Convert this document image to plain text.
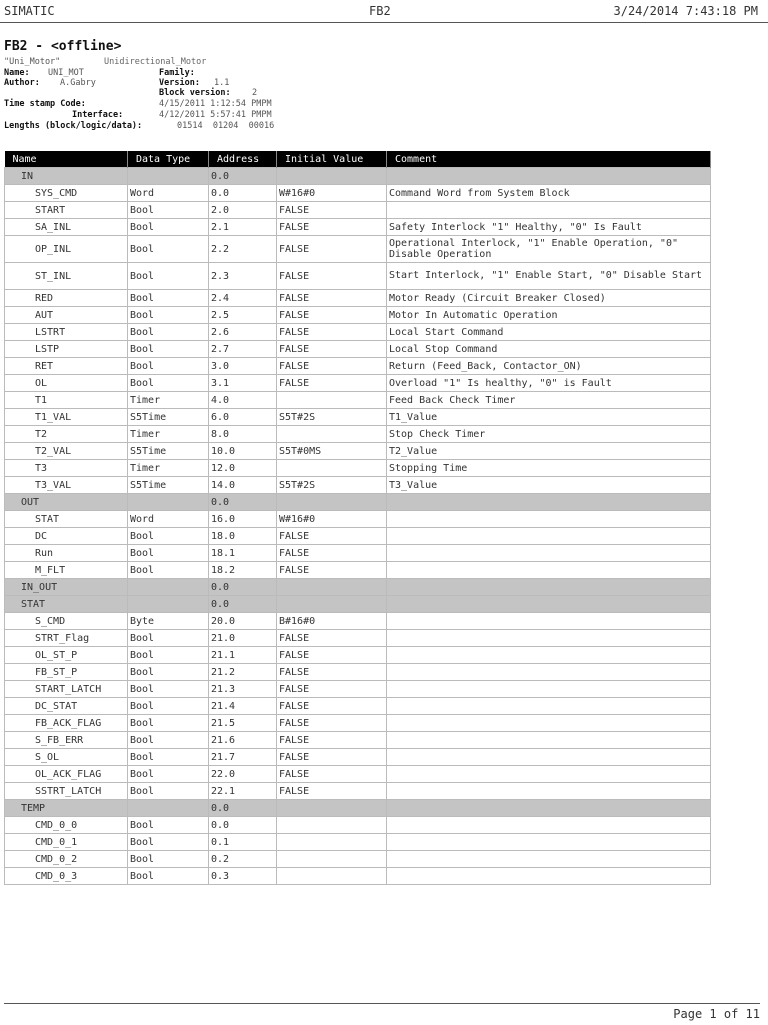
SIMATIC	FB2	3/24/2014 7:43:18 PM
FB2 - <offline>
"Uni_Motor"	Unidirectional_Motor
Name: UNI_MOT	Family:
Author: A.Gabry	Version: 1.1
Block version:	2
Time stamp Code:	4/15/2011 1:12:54 PMPM
Interface:	4/12/2011 5:57:41 PMPM
Lengths (block/logic/data):	01514  01204  00016
Name	Data Type	Address	Initial Value	Comment
IN		0.0		
SYS_CMD	Word	0.0	W#16#0	Command Word from System Block
START	Bool	2.0	FALSE	
SA_INL	Bool	2.1	FALSE	Safety Interlock "1" Healthy, "0" Is Fault
OP_INL	Bool	2.2	FALSE	Operational Interlock, "1" Enable Operation, "0" Disable Operation
ST_INL	Bool	2.3	FALSE	Start Interlock, "1" Enable Start, "0" Disable Start
RED	Bool	2.4	FALSE	Motor Ready (Circuit Breaker Closed)
AUT	Bool	2.5	FALSE	Motor In Automatic Operation
LSTRT	Bool	2.6	FALSE	Local Start Command
LSTP	Bool	2.7	FALSE	Local Stop Command
RET	Bool	3.0	FALSE	Return (Feed_Back, Contactor_ON)
OL	Bool	3.1	FALSE	Overload "1" Is healthy, "0" is Fault
T1	Timer	4.0		Feed Back Check Timer
T1_VAL	S5Time	6.0	S5T#2S	T1_Value
T2	Timer	8.0		Stop Check Timer
T2_VAL	S5Time	10.0	S5T#0MS	T2_Value
T3	Timer	12.0		Stopping Time
T3_VAL	S5Time	14.0	S5T#2S	T3_Value
OUT		0.0		
STAT	Word	16.0	W#16#0	
DC	Bool	18.0	FALSE	
Run	Bool	18.1	FALSE	
M_FLT	Bool	18.2	FALSE	
IN_OUT		0.0		
STAT		0.0		
S_CMD	Byte	20.0	B#16#0	
STRT_Flag	Bool	21.0	FALSE	
OL_ST_P	Bool	21.1	FALSE	
FB_ST_P	Bool	21.2	FALSE	
START_LATCH	Bool	21.3	FALSE	
DC_STAT	Bool	21.4	FALSE	
FB_ACK_FLAG	Bool	21.5	FALSE	
S_FB_ERR	Bool	21.6	FALSE	
S_OL	Bool	21.7	FALSE	
OL_ACK_FLAG	Bool	22.0	FALSE	
SSTRT_LATCH	Bool	22.1	FALSE	
TEMP		0.0		
CMD_0_0	Bool	0.0		
CMD_0_1	Bool	0.1		
CMD_0_2	Bool	0.2		
CMD_0_3	Bool	0.3		
Page 1 of 11
